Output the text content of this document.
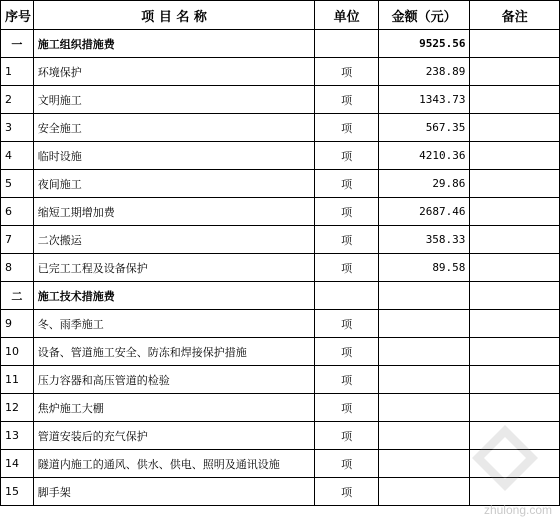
序号	项 目 名 称	单位	金额（元）	备注
一	施工组织措施费		9525.56	
1	环境保护	项	238.89	
2	文明施工	项	1343.73	
3	安全施工	项	567.35	
4	临时设施	项	4210.36	
5	夜间施工	项	29.86	
6	缩短工期增加费	项	2687.46	
7	二次搬运	项	358.33	
8	已完工工程及设备保护	项	89.58	
二	施工技术措施费			
9	冬、雨季施工	项		
10	设备、管道施工安全、防冻和焊接保护措施	项		
11	压力容器和高压管道的检验	项		
12	焦炉施工大棚	项		
13	管道安装后的充气保护	项		
14	隧道内施工的通风、供水、供电、照明及通讯设施	项		
15	脚手架	项		
zhulong.com
